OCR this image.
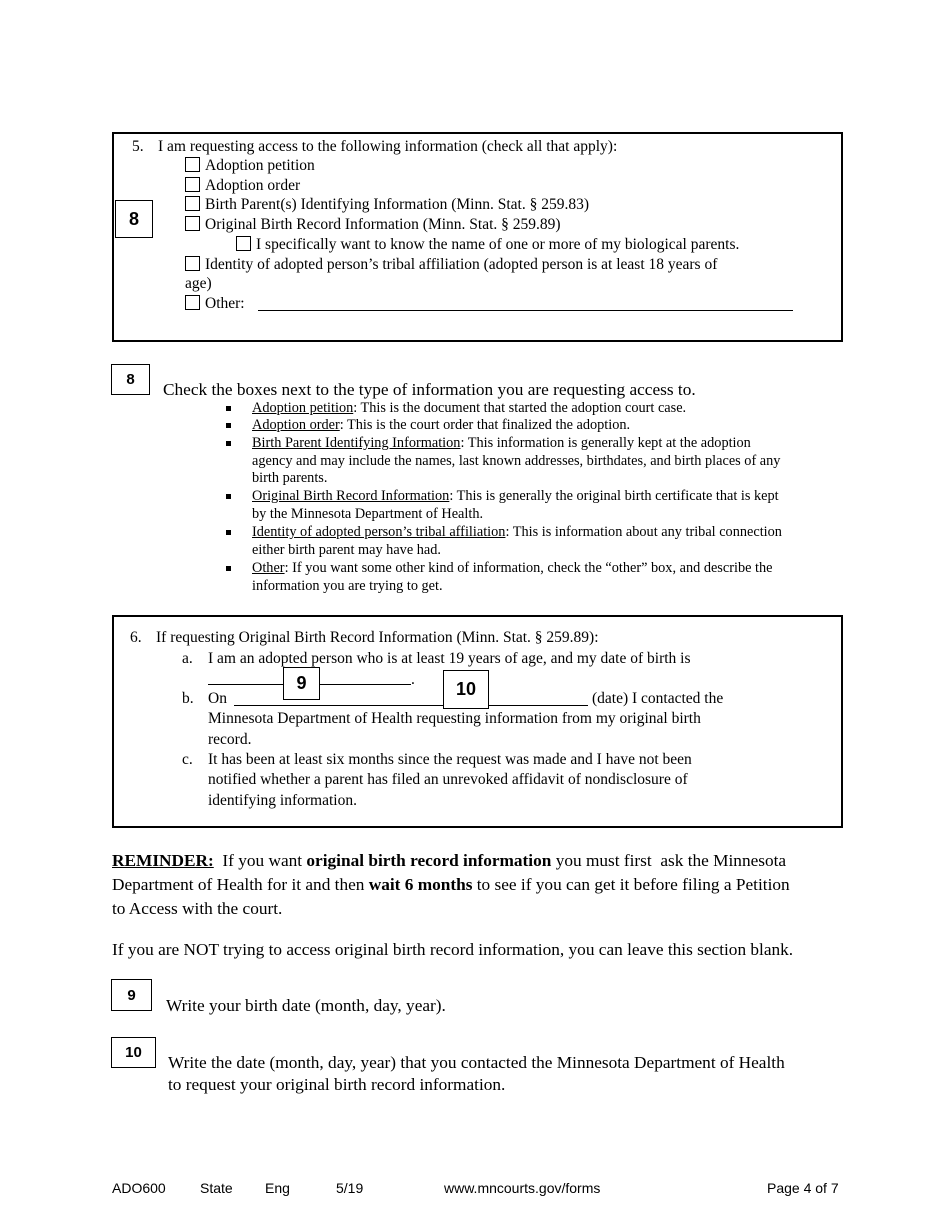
5. I am requesting access to the following information (check all that apply):
Adoption petition
Adoption order
Birth Parent(s) Identifying Information (Minn. Stat. § 259.83)
Original Birth Record Information (Minn. Stat. § 259.89)
I specifically want to know the name of one or more of my biological parents.
Identity of adopted person’s tribal affiliation (adopted person is at least 18 years of
age)
Other:
8
8
Check the boxes next to the type of information you are requesting access to.
Adoption petition: This is the document that started the adoption court case.
Adoption order: This is the court order that finalized the adoption.
Birth Parent Identifying Information: This information is generally kept at the adoption
agency and may include the names, last known addresses, birthdates, and birth places of any
birth parents.
Original Birth Record Information: This is generally the original birth certificate that is kept
by the Minnesota Department of Health.
Identity of adopted person’s tribal affiliation: This is information about any tribal connection
either birth parent may have had.
Other: If you want some other kind of information, check the “other” box, and describe the
information you are trying to get.
6. If requesting Original Birth Record Information (Minn. Stat. § 259.89):
a. I am an adopted person who is at least 19 years of age, and my date of birth is
.
b. On	(date) I contacted the
Minnesota Department of Health requesting information from my original birth
record.
c. It has been at least six months since the request was made and I have not been
notified whether a parent has filed an unrevoked affidavit of nondisclosure of
identifying information.
9	10
REMINDER:  If you want original birth record information you must first  ask the Minnesota
Department of Health for it and then wait 6 months to see if you can get it before filing a Petition
to Access with the court.
If you are NOT trying to access original birth record information, you can leave this section blank.
9
Write your birth date (month, day, year).
10
Write the date (month, day, year) that you contacted the Minnesota Department of Health
to request your original birth record information.
ADO600 State Eng	5/19	www.mncourts.gov/forms	Page 4 of 7
